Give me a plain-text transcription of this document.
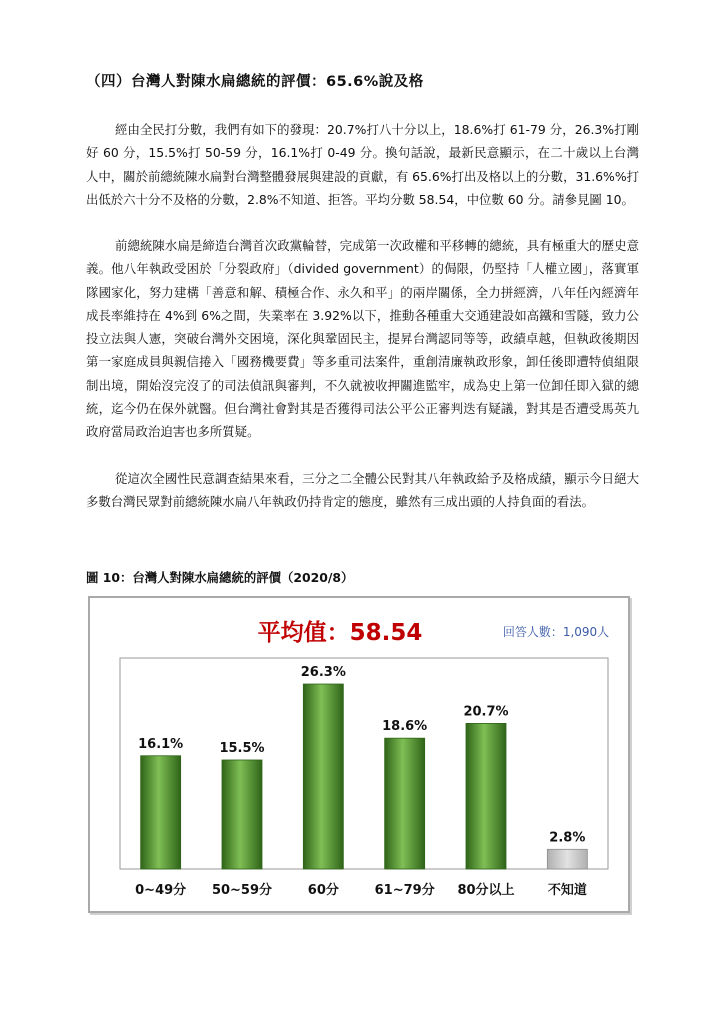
（四）台灣人對陳水扁總統的評價：65.6%說及格

經由全民打分數，我們有如下的發現：20.7%打八十分以上，18.6%打 61-79 分，26.3%打剛好 60 分，15.5%打 50-59 分，16.1%打 0-49 分。換句話說，最新民意顯示，在二十歲以上台灣人中，關於前總統陳水扁對台灣整體發展與建設的貢獻，有 65.6%打出及格以上的分數，31.6%%打出低於六十分不及格的分數，2.8%不知道、拒答。平均分數 58.54，中位數 60 分。請參見圖 10。

前總統陳水扁是締造台灣首次政黨輪替，完成第一次政權和平移轉的總統，具有極重大的歷史意義。他八年執政受困於「分裂政府」（divided government）的侷限，仍堅持「人權立國」，落實軍隊國家化，努力建構「善意和解、積極合作、永久和平」的兩岸關係，全力拼經濟，八年任內經濟年成長率維持在 4%到 6%之間，失業率在 3.92%以下，推動各種重大交通建設如高鐵和雪隧，致力公投立法與人憲，突破台灣外交困境，深化與鞏固民主，提昇台灣認同等等，政績卓越，但執政後期因第一家庭成員與親信捲入「國務機要費」等多重司法案件，重創清廉執政形象，卸任後即遭特偵組限制出境，開始沒完沒了的司法偵訊與審判，不久就被收押關進監牢，成為史上第一位卸任即入獄的總統，迄今仍在保外就醫。但台灣社會對其是否獲得司法公平公正審判迭有疑議，對其是否遭受馬英九政府當局政治迫害也多所質疑。

從這次全國性民意調查結果來看，三分之二全體公民對其八年執政給予及格成績，顯示今日絕大多數台灣民眾對前總統陳水扁八年執政仍持肯定的態度，雖然有三成出頭的人持負面的看法。

圖 10：台灣人對陳水扁總統的評價（2020/8）
平均值：58.54	回答人數：1,090人
16.1%	15.5%
26.3%
18.6%
20.7%
2.8%
0~49分 50~59分	60分	61~79分 80分以上	不知道
